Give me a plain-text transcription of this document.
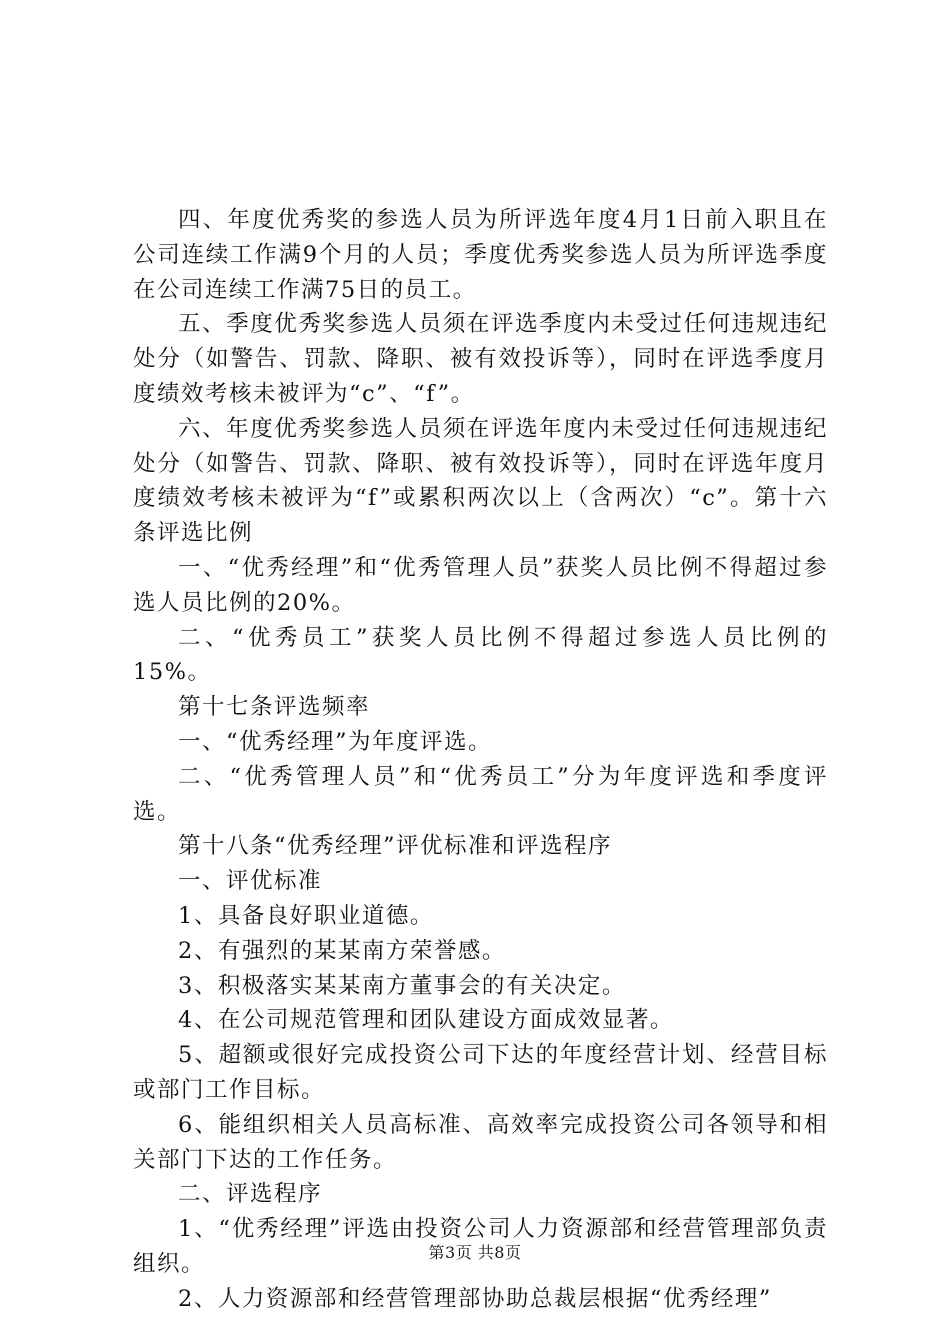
四、年度优秀奖的参选人员为所评选年度4月1日前入职且在公司连续工作满9个月的人员；季度优秀奖参选人员为所评选季度在公司连续工作满75日的员工。

五、季度优秀奖参选人员须在评选季度内未受过任何违规违纪处分（如警告、罚款、降职、被有效投诉等），同时在评选季度月度绩效考核未被评为“c”、“f”。

六、年度优秀奖参选人员须在评选年度内未受过任何违规违纪处分（如警告、罚款、降职、被有效投诉等），同时在评选年度月度绩效考核未被评为“f”或累积两次以上（含两次）“c”。第十六条评选比例

一、“优秀经理”和“优秀管理人员”获奖人员比例不得超过参选人员比例的20%。

二、“优秀员工”获奖人员比例不得超过参选人员比例的15%。

第十七条评选频率

一、“优秀经理”为年度评选。

二、“优秀管理人员”和“优秀员工”分为年度评选和季度评选。

第十八条“优秀经理”评优标准和评选程序

一、评优标准

1、具备良好职业道德。

2、有强烈的某某南方荣誉感。

3、积极落实某某南方董事会的有关决定。

4、在公司规范管理和团队建设方面成效显著。

5、超额或很好完成投资公司下达的年度经营计划、经营目标或部门工作目标。

6、能组织相关人员高标准、高效率完成投资公司各领导和相关部门下达的工作任务。

二、评选程序

1、“优秀经理”评选由投资公司人力资源部和经营管理部负责组织。

2、人力资源部和经营管理部协助总裁层根据“优秀经理”

第3页 共8页
